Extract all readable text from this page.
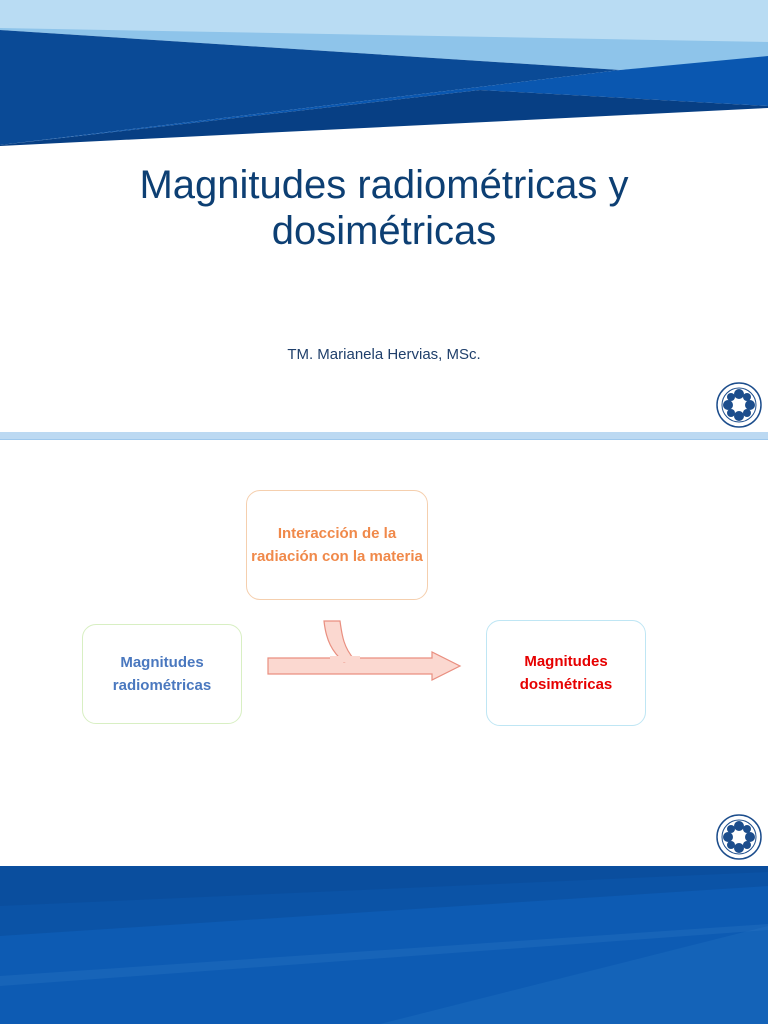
Magnitudes radiométricas y dosimétricas
TM. Marianela Hervias, MSc.
Interacción de la radiación con la materia
Magnitudes radiométricas
Magnitudes dosimétricas
